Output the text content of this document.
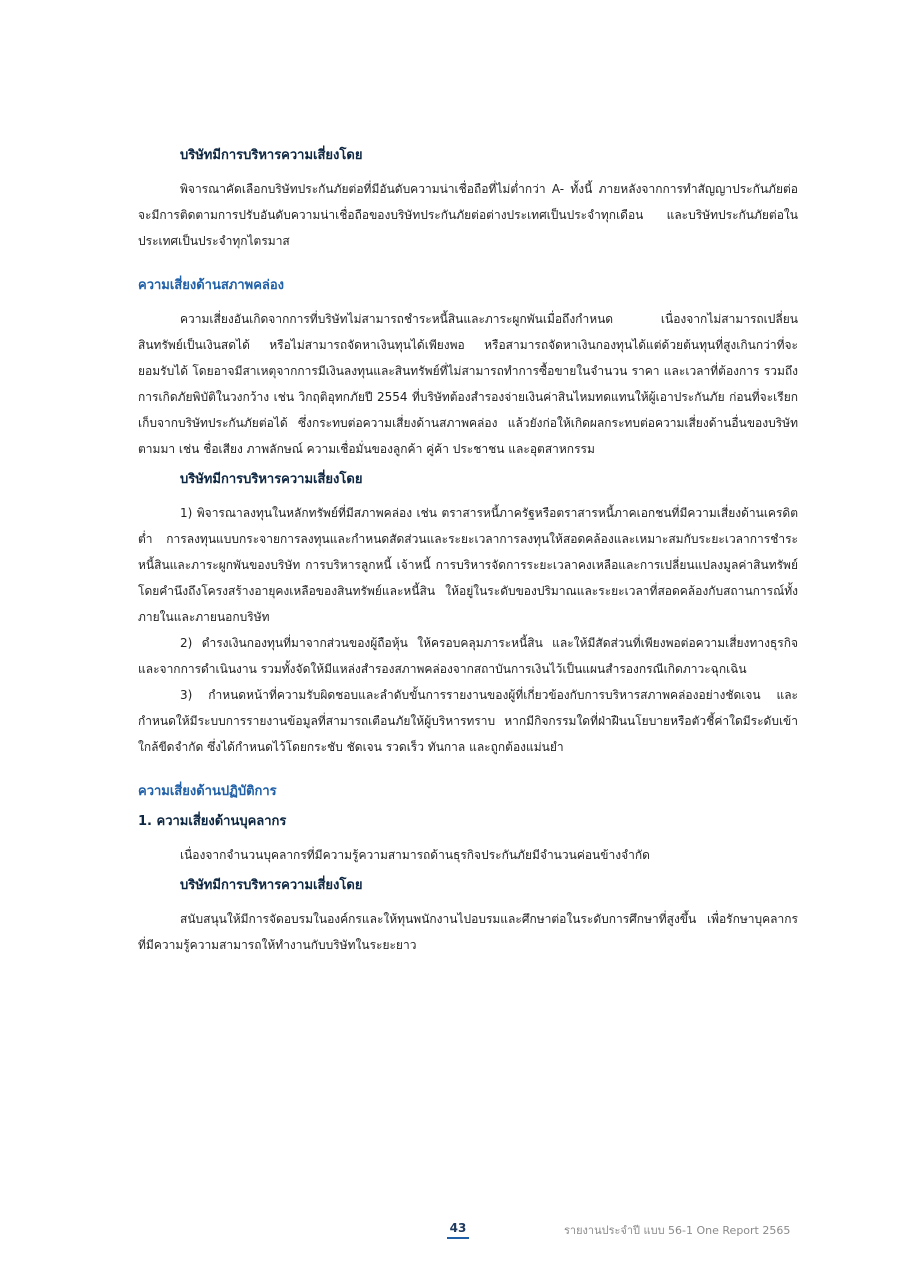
บริษัทมีการบริหารความเสี่ยงโดย

พิจารณาคัดเลือกบริษัทประกันภัยต่อที่มีอันดับความน่าเชื่อถือที่ไม่ต่ำกว่า A- ทั้งนี้ ภายหลังจากการทำสัญญาประกันภัยต่อ จะมีการติดตามการปรับอันดับความน่าเชื่อถือของบริษัทประกันภัยต่อต่างประเทศเป็นประจำทุกเดือน และบริษัทประกันภัยต่อในประเทศเป็นประจำทุกไตรมาส

ความเสี่ยงด้านสภาพคล่อง

ความเสี่ยงอันเกิดจากการที่บริษัทไม่สามารถชำระหนี้สินและภาระผูกพันเมื่อถึงกำหนด เนื่องจากไม่สามารถเปลี่ยนสินทรัพย์เป็นเงินสดได้ หรือไม่สามารถจัดหาเงินทุนได้เพียงพอ หรือสามารถจัดหาเงินกองทุนได้แต่ด้วยต้นทุนที่สูงเกินกว่าที่จะยอมรับได้ โดยอาจมีสาเหตุจากการมีเงินลงทุนและสินทรัพย์ที่ไม่สามารถทำการซื้อขายในจำนวน ราคา และเวลาที่ต้องการ รวมถึงการเกิดภัยพิบัติในวงกว้าง เช่น วิกฤติอุทกภัยปี 2554 ที่บริษัทต้องสำรองจ่ายเงินค่าสินไหมทดแทนให้ผู้เอาประกันภัย ก่อนที่จะเรียกเก็บจากบริษัทประกันภัยต่อได้ ซึ่งกระทบต่อความเสี่ยงด้านสภาพคล่อง แล้วยังก่อให้เกิดผลกระทบต่อความเสี่ยงด้านอื่นของบริษัทตามมา เช่น ชื่อเสียง ภาพลักษณ์ ความเชื่อมั่นของลูกค้า คู่ค้า ประชาชน และอุตสาหกรรม

บริษัทมีการบริหารความเสี่ยงโดย

1) พิจารณาลงทุนในหลักทรัพย์ที่มีสภาพคล่อง เช่น ตราสารหนี้ภาครัฐหรือตราสารหนี้ภาคเอกชนที่มีความเสี่ยงด้านเครดิตต่ำ การลงทุนแบบกระจายการลงทุนและกำหนดสัดส่วนและระยะเวลาการลงทุนให้สอดคล้องและเหมาะสมกับระยะเวลาการชำระหนี้สินและภาระผูกพันของบริษัท การบริหารลูกหนี้ เจ้าหนี้ การบริหารจัดการระยะเวลาคงเหลือและการเปลี่ยนแปลงมูลค่าสินทรัพย์ โดยคำนึงถึงโครงสร้างอายุคงเหลือของสินทรัพย์และหนี้สิน ให้อยู่ในระดับของปริมาณและระยะเวลาที่สอดคล้องกับสถานการณ์ทั้งภายในและภายนอกบริษัท

2) ดำรงเงินกองทุนที่มาจากส่วนของผู้ถือหุ้น ให้ครอบคลุมภาระหนี้สิน และให้มีสัดส่วนที่เพียงพอต่อความเสี่ยงทางธุรกิจและจากการดำเนินงาน รวมทั้งจัดให้มีแหล่งสำรองสภาพคล่องจากสถาบันการเงินไว้เป็นแผนสำรองกรณีเกิดภาวะฉุกเฉิน

3) กำหนดหน้าที่ความรับผิดชอบและลำดับขั้นการรายงานของผู้ที่เกี่ยวข้องกับการบริหารสภาพคล่องอย่างชัดเจน และกำหนดให้มีระบบการรายงานข้อมูลที่สามารถเตือนภัยให้ผู้บริหารทราบ หากมีกิจกรรมใดที่ฝ่าฝืนนโยบายหรือตัวชี้ค่าใดมีระดับเข้าใกล้ขีดจำกัด ซึ่งได้กำหนดไว้โดยกระชับ ชัดเจน รวดเร็ว ทันกาล และถูกต้องแม่นยำ

ความเสี่ยงด้านปฏิบัติการ
1. ความเสี่ยงด้านบุคลากร

เนื่องจากจำนวนบุคลากรที่มีความรู้ความสามารถด้านธุรกิจประกันภัยมีจำนวนค่อนข้างจำกัด

บริษัทมีการบริหารความเสี่ยงโดย

สนับสนุนให้มีการจัดอบรมในองค์กรและให้ทุนพนักงานไปอบรมและศึกษาต่อในระดับการศึกษาที่สูงขึ้น เพื่อรักษาบุคลากรที่มีความรู้ความสามารถให้ทำงานกับบริษัทในระยะยาว

43	รายงานประจำปี แบบ 56-1 One Report 2565
